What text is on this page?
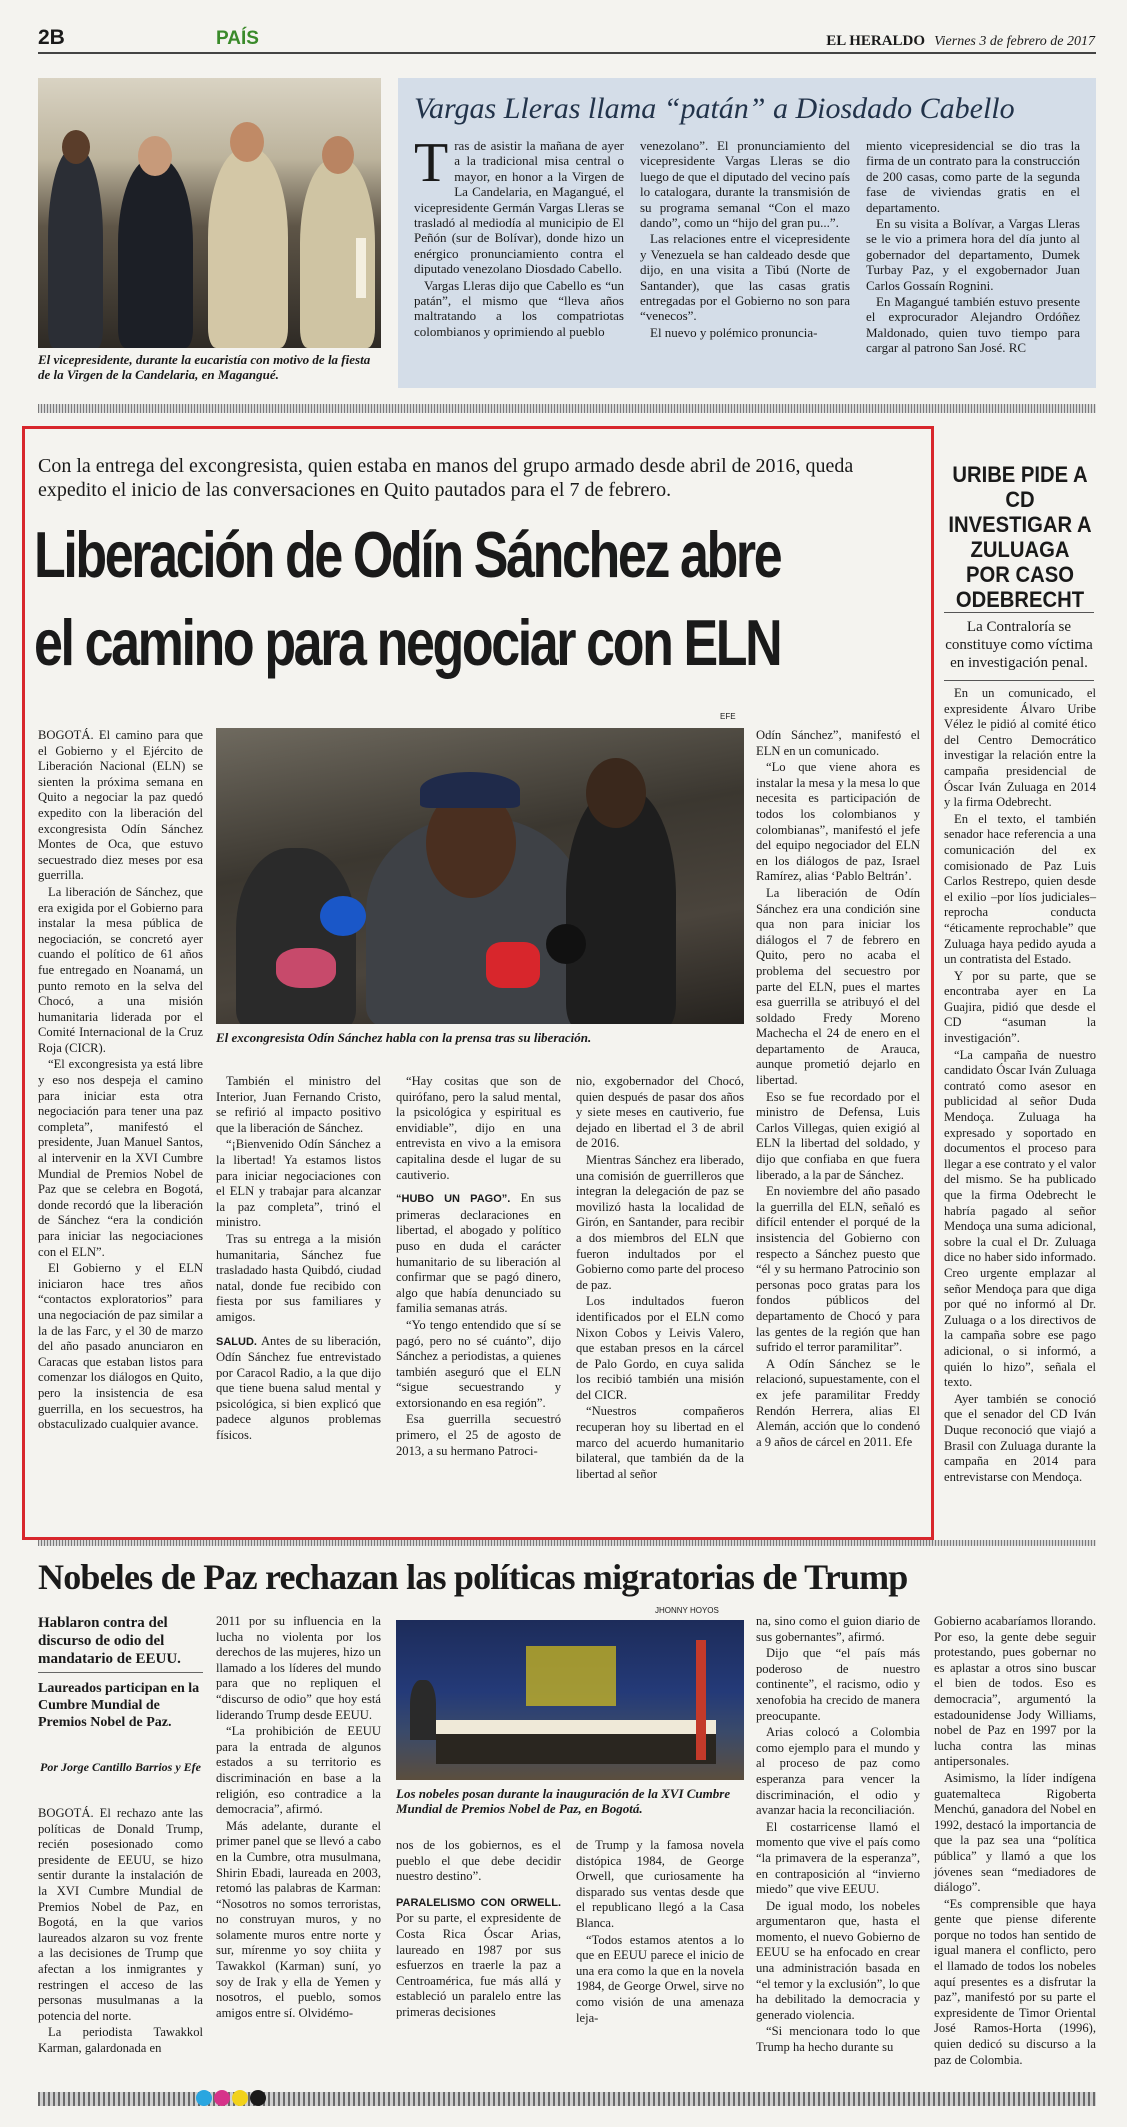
2B	PAÍS	EL HERALDO Viernes 3 de febrero de 2017
El vicepresidente, durante la eucaristía con motivo de la fiesta de la Virgen de la Candelaria, en Magangué.
Vargas Lleras llama “patán” a Diosdado Cabello
T ras de asistir la mañana de ayer a la tradicional misa central o mayor, en honor a la Virgen de La Candelaria, en Magangué, el vicepresidente Germán Vargas Lleras se trasladó al mediodía al municipio de El Peñón (sur de Bolívar), donde hizo un enérgico pronunciamiento contra el diputado venezolano Diosdado Cabello.

Vargas Lleras dijo que Cabello es “un patán”, el mismo que “lleva años maltratando a los compatriotas colombianos y oprimiendo al pueblo

venezolano”. El pronunciamiento del vicepresidente Vargas Lleras se dio luego de que el diputado del vecino país lo catalogara, durante la transmisión de su programa semanal “Con el mazo dando”, como un “hijo del gran pu...”.

Las relaciones entre el vicepresidente y Venezuela se han caldeado desde que dijo, en una visita a Tibú (Norte de Santander), que las casas gratis entregadas por el Gobierno no son para “venecos”.

El nuevo y polémico pronuncia-

miento vicepresidencial se dio tras la firma de un contrato para la construcción de 200 casas, como parte de la segunda fase de viviendas gratis en el departamento.

En su visita a Bolívar, a Vargas Lleras se le vio a primera hora del día junto al gobernador del departamento, Dumek Turbay Paz, y el exgobernador Juan Carlos Gossaín Rognini.

En Magangué también estuvo presente el exprocurador Alejandro Ordóñez Maldonado, quien tuvo tiempo para cargar al patrono San José. RC

Con la entrega del excongresista, quien estaba en manos del grupo armado desde abril de 2016, queda expedito el inicio de las conversaciones en Quito pautados para el 7 de febrero.
Liberación de Odín Sánchez abre
el camino para negociar con ELN
EFE

BOGOTÁ. El camino para que el Gobierno y el Ejército de Liberación Nacional (ELN) se sienten la próxima semana en Quito a negociar la paz quedó expedito con la liberación del excongresista Odín Sánchez Montes de Oca, que estuvo secuestrado diez meses por esa guerrilla.

La liberación de Sánchez, que era exigida por el Gobierno para instalar la mesa pública de negociación, se concretó ayer cuando el político de 61 años fue entregado en Noanamá, un punto remoto en la selva del Chocó, a una misión humanitaria liderada por el Comité Internacional de la Cruz Roja (CICR).

“El excongresista ya está libre y eso nos despeja el camino para iniciar esta otra negociación para tener una paz completa”, manifestó el presidente, Juan Manuel Santos, al intervenir en la XVI Cumbre Mundial de Premios Nobel de Paz que se celebra en Bogotá, donde recordó que la liberación de Sánchez “era la condición para iniciar las negociaciones con el ELN”.

El Gobierno y el ELN iniciaron hace tres años “contactos exploratorios” para una negociación de paz similar a la de las Farc, y el 30 de marzo del año pasado anunciaron en Caracas que estaban listos para comenzar los diálogos en Quito, pero la insistencia de esa guerrilla, en los secuestros, ha obstaculizado cualquier avance.

El excongresista Odín Sánchez habla con la prensa tras su liberación.

También el ministro del Interior, Juan Fernando Cristo, se refirió al impacto positivo que la liberación de Sánchez.

“¡Bienvenido Odín Sánchez a la libertad! Ya estamos listos para iniciar negociaciones con el ELN y trabajar para alcanzar la paz completa”, trinó el ministro.

Tras su entrega a la misión humanitaria, Sánchez fue trasladado hasta Quibdó, ciudad natal, donde fue recibido con fiesta por sus familiares y amigos.

SALUD. Antes de su liberación, Odín Sánchez fue entrevistado por Caracol Radio, a la que dijo que tiene buena salud mental y psicológica, si bien explicó que padece algunos problemas físicos.

“Hay cositas que son de quirófano, pero la salud mental, la psicológica y espiritual es envidiable”, dijo en una entrevista en vivo a la emisora capitalina desde el lugar de su cautiverio.

“HUBO UN PAGO”. En sus primeras declaraciones en libertad, el abogado y político puso en duda el carácter humanitario de su liberación al confirmar que se pagó dinero, algo que había denunciado su familia semanas atrás.

“Yo tengo entendido que sí se pagó, pero no sé cuánto”, dijo Sánchez a periodistas, a quienes también aseguró que el ELN “sigue secuestrando y extorsionando en esa región”.

Esa guerrilla secuestró primero, el 25 de agosto de 2013, a su hermano Patroci-

nio, exgobernador del Chocó, quien después de pasar dos años y siete meses en cautiverio, fue dejado en libertad el 3 de abril de 2016.

Mientras Sánchez era liberado, una comisión de guerrilleros que integran la delegación de paz se movilizó hasta la localidad de Girón, en Santander, para recibir a dos miembros del ELN que fueron indultados por el Gobierno como parte del proceso de paz.

Los indultados fueron identificados por el ELN como Nixon Cobos y Leivis Valero, que estaban presos en la cárcel de Palo Gordo, en cuya salida los recibió también una misión del CICR.

“Nuestros compañeros recuperan hoy su libertad en el marco del acuerdo humanitario bilateral, que también da de la libertad al señor

Odín Sánchez”, manifestó el ELN en un comunicado.

“Lo que viene ahora es instalar la mesa y la mesa lo que necesita es participación de todos los colombianos y colombianas”, manifestó el jefe del equipo negociador del ELN en los diálogos de paz, Israel Ramírez, alias ‘Pablo Beltrán’.

La liberación de Odín Sánchez era una condición sine qua non para iniciar los diálogos el 7 de febrero en Quito, pero no acaba el problema del secuestro por parte del ELN, pues el martes esa guerrilla se atribuyó el del soldado Fredy Moreno Machecha el 24 de enero en el departamento de Arauca, aunque prometió dejarlo en libertad.

Eso se fue recordado por el ministro de Defensa, Luis Carlos Villegas, quien exigió al ELN la libertad del soldado, y dijo que confiaba en que fuera liberado, a la par de Sánchez.

En noviembre del año pasado la guerrilla del ELN, señaló es difícil entender el porqué de la insistencia del Gobierno con respecto a Sánchez puesto que “él y su hermano Patrocinio son personas poco gratas para los fondos públicos del departamento de Chocó y para las gentes de la región que han sufrido el terror paramilitar”.

A Odín Sánchez se le relacionó, supuestamente, con el ex jefe paramilitar Freddy Rendón Herrera, alias El Alemán, acción que lo condenó a 9 años de cárcel en 2011. Efe

URIBE PIDE A CD INVESTIGAR A ZULUAGA POR CASO ODEBRECHT
La Contraloría se constituye como víctima en investigación penal.

En un comunicado, el expresidente Álvaro Uribe Vélez le pidió al comité ético del Centro Democrático investigar la relación entre la campaña presidencial de Óscar Iván Zuluaga en 2014 y la firma Odebrecht.

En el texto, el también senador hace referencia a una comunicación del ex comisionado de Paz Luis Carlos Restrepo, quien desde el exilio –por líos judiciales– reprocha conducta “éticamente reprochable” que Zuluaga haya pedido ayuda a un contratista del Estado.

Y por su parte, que se encontraba ayer en La Guajira, pidió que desde el CD “asuman la investigación”.

“La campaña de nuestro candidato Óscar Iván Zuluaga contrató como asesor en publicidad al señor Duda Mendoça. Zuluaga ha expresado y soportado en documentos el proceso para llegar a ese contrato y el valor del mismo. Se ha publicado que la firma Odebrecht le habría pagado al señor Mendoça una suma adicional, sobre la cual el Dr. Zuluaga dice no haber sido informado. Creo urgente emplazar al señor Mendoça para que diga por qué no informó al Dr. Zuluaga o a los directivos de la campaña sobre ese pago adicional, o si informó, a quién lo hizo”, señala el texto.

Ayer también se conoció que el senador del CD Iván Duque reconoció que viajó a Brasil con Zuluaga durante la campaña en 2014 para entrevistarse con Mendoça.

Nobeles de Paz rechazan las políticas migratorias de Trump
Hablaron contra del discurso de odio del mandatario de EEUU.
Laureados participan en la Cumbre Mundial de Premios Nobel de Paz.
Por Jorge Cantillo Barrios y Efe

BOGOTÁ. El rechazo ante las políticas de Donald Trump, recién posesionado como presidente de EEUU, se hizo sentir durante la instalación de la XVI Cumbre Mundial de Premios Nobel de Paz, en Bogotá, en la que varios laureados alzaron su voz frente a las decisiones de Trump que afectan a los inmigrantes y restringen el acceso de las personas musulmanas a la potencia del norte.

La periodista Tawakkol Karman, galardonada en

2011 por su influencia en la lucha no violenta por los derechos de las mujeres, hizo un llamado a los líderes del mundo para que no repliquen el “discurso de odio” que hoy está liderando Trump desde EEUU.

“La prohibición de EEUU para la entrada de algunos estados a su territorio es discriminación en base a la religión, eso contradice a la democracia”, afirmó.

Más adelante, durante el primer panel que se llevó a cabo en la Cumbre, otra musulmana, Shirin Ebadi, laureada en 2003, retomó las palabras de Karman: “Nosotros no somos terroristas, no construyan muros, y no solamente muros entre norte y sur, mírenme yo soy chiita y Tawakkol (Karman) suní, yo soy de Irak y ella de Yemen y nosotros, el pueblo, somos amigos entre sí. Olvidémo-

JHONNY HOYOS
Los nobeles posan durante la inauguración de la XVI Cumbre Mundial de Premios Nobel de Paz, en Bogotá.

nos de los gobiernos, es el pueblo el que debe decidir nuestro destino”.

PARALELISMO CON ORWELL. Por su parte, el expresidente de Costa Rica Óscar Arias, laureado en 1987 por sus esfuerzos en traerle la paz a Centroamérica, fue más allá y estableció un paralelo entre las primeras decisiones

de Trump y la famosa novela distópica 1984, de George Orwell, que curiosamente ha disparado sus ventas desde que el republicano llegó a la Casa Blanca.

“Todos estamos atentos a lo que en EEUU parece el inicio de una era como la que en la novela 1984, de George Orwel, sirve no como visión de una amenaza leja-

na, sino como el guion diario de sus gobernantes”, afirmó.

Dijo que “el país más poderoso de nuestro continente”, el racismo, odio y xenofobia ha crecido de manera preocupante.

Arias colocó a Colombia como ejemplo para el mundo y al proceso de paz como esperanza para vencer la discriminación, el odio y avanzar hacia la reconciliación.

El costarricense llamó el momento que vive el país como “la primavera de la esperanza”, en contraposición al “invierno miedo” que vive EEUU.

De igual modo, los nobeles argumentaron que, hasta el momento, el nuevo Gobierno de EEUU se ha enfocado en crear una administración basada en “el temor y la exclusión”, lo que ha debilitado la democracia y generado violencia.

“Si mencionara todo lo que Trump ha hecho durante su

Gobierno acabaríamos llorando. Por eso, la gente debe seguir protestando, pues gobernar no es aplastar a otros sino buscar el bien de todos. Eso es democracia”, argumentó la estadounidense Jody Williams, nobel de Paz en 1997 por la lucha contra las minas antipersonales.

Asimismo, la líder indígena guatemalteca Rigoberta Menchú, ganadora del Nobel en 1992, destacó la importancia de que la paz sea una “política pública” y llamó a que los jóvenes sean “mediadores de diálogo”.

“Es comprensible que haya gente que piense diferente porque no todos han sentido de igual manera el conflicto, pero el llamado de todos los nobeles aquí presentes es a disfrutar la paz”, manifestó por su parte el expresidente de Timor Oriental José Ramos-Horta (1996), quien dedicó su discurso a la paz de Colombia.
